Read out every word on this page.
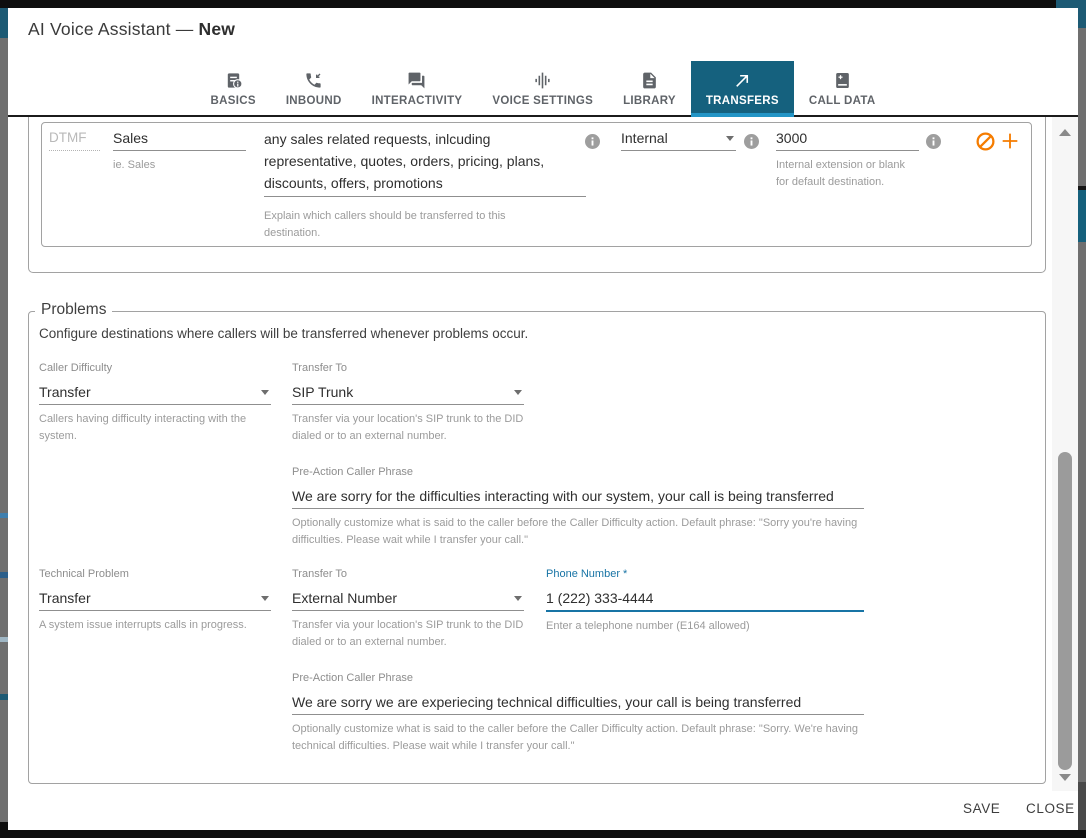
AI Voice Assistant — New
BASICS	INBOUND	INTERACTIVITY	VOICE SETTINGS	LIBRARY	TRANSFERS	CALL DATA
DTMF
Sales
ie. Sales
any sales related requests, inlcuding representative, quotes, orders, pricing, plans, discounts, offers, promotions
Explain which callers should be transferred to this destination.
Internal
3000
Internal extension or blank for default destination.
Problems
Configure destinations where callers will be transferred whenever problems occur.
Caller Difficulty
Transfer
Callers having difficulty interacting with the system.
Transfer To
SIP Trunk
Transfer via your location's SIP trunk to the DID dialed or to an external number.
Pre-Action Caller Phrase
We are sorry for the difficulties interacting with our system, your call is being transferred
Optionally customize what is said to the caller before the Caller Difficulty action. Default phrase: "Sorry you're having difficulties. Please wait while I transfer your call."
Technical Problem
Transfer
A system issue interrupts calls in progress.
Transfer To
External Number
Transfer via your location's SIP trunk to the DID dialed or to an external number.
Phone Number *
1 (222) 333-4444
Enter a telephone number (E164 allowed)
Pre-Action Caller Phrase
We are sorry we are experiecing technical difficulties, your call is being transferred
Optionally customize what is said to the caller before the Caller Difficulty action. Default phrase: "Sorry. We're having technical difficulties. Please wait while I transfer your call."
SAVE CLOSE
